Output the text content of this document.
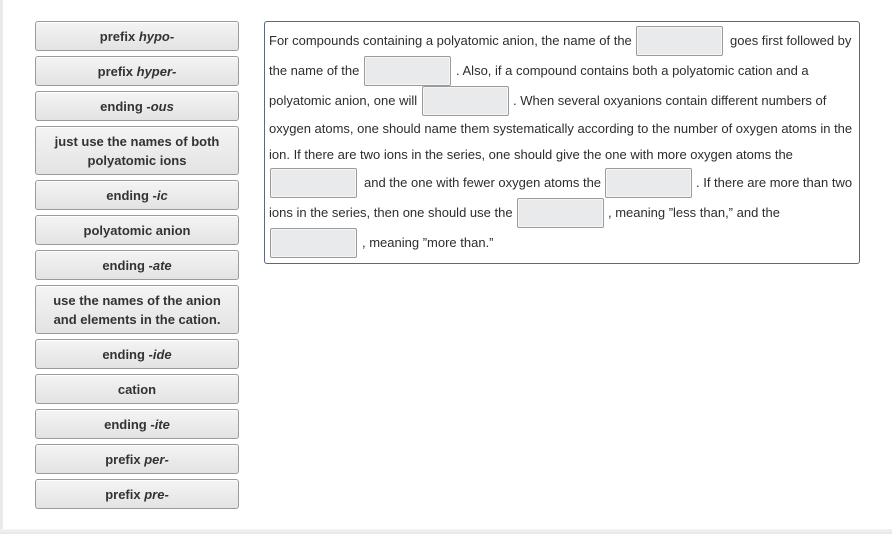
prefix hypo-
prefix hyper-
ending -ous
just use the names of both
polyatomic ions
ending -ic
polyatomic anion
ending -ate
use the names of the anion
and elements in the cation.
ending -ide
cation
ending -ite
prefix per-
prefix pre-
For compounds containing a polyatomic anion, the name of the	goes first followed by
the name of the	. Also, if a compound contains both a polyatomic cation and a
polyatomic anion, one will	. When several oxyanions contain different numbers of
oxygen atoms, one should name them systematically according to the number of oxygen atoms in the
ion. If there are two ions in the series, one should give the one with more oxygen atoms the
and the one with fewer oxygen atoms the	. If there are more than two
ions in the series, then one should use the	, meaning ”less than,” and the
, meaning ”more than.”
